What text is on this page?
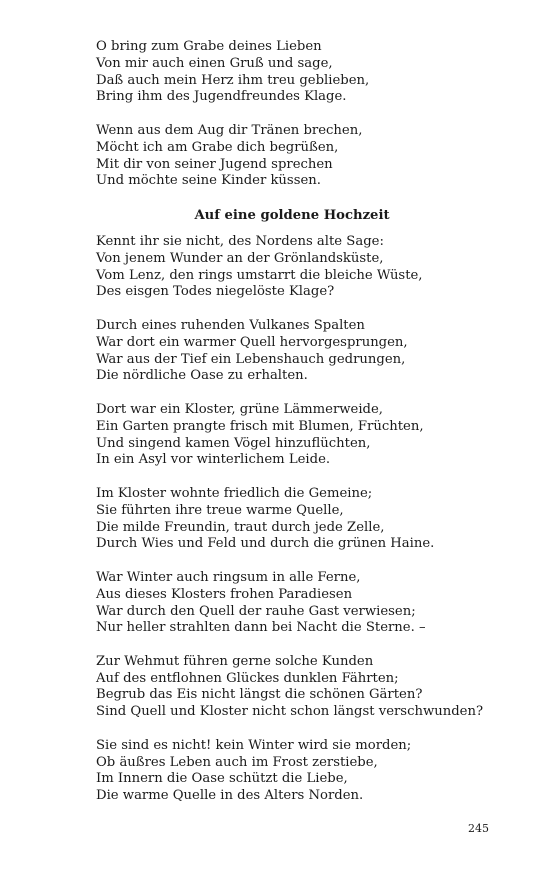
O bring zum Grabe deines Lieben
Von mir auch einen Gruß und sage,
Daß auch mein Herz ihm treu geblieben,
Bring ihm des Jugendfreundes Klage.
Wenn aus dem Aug dir Tränen brechen,
Möcht ich am Grabe dich begrüßen,
Mit dir von seiner Jugend sprechen
Und möchte seine Kinder küssen.
Auf eine goldene Hochzeit
Kennt ihr sie nicht, des Nordens alte Sage:
Von jenem Wunder an der Grönlandsküste,
Vom Lenz, den rings umstarrt die bleiche Wüste,
Des eisgen Todes niegelöste Klage?
Durch eines ruhenden Vulkanes Spalten
War dort ein warmer Quell hervorgesprungen,
War aus der Tief ein Lebenshauch gedrungen,
Die nördliche Oase zu erhalten.
Dort war ein Kloster, grüne Lämmerweide,
Ein Garten prangte frisch mit Blumen, Früchten,
Und singend kamen Vögel hinzuflüchten,
In ein Asyl vor winterlichem Leide.
Im Kloster wohnte friedlich die Gemeine;
Sie führten ihre treue warme Quelle,
Die milde Freundin, traut durch jede Zelle,
Durch Wies und Feld und durch die grünen Haine.
War Winter auch ringsum in alle Ferne,
Aus dieses Klosters frohen Paradiesen
War durch den Quell der rauhe Gast verwiesen;
Nur heller strahlten dann bei Nacht die Sterne. –
Zur Wehmut führen gerne solche Kunden
Auf des entflohnen Glückes dunklen Fährten;
Begrub das Eis nicht längst die schönen Gärten?
Sind Quell und Kloster nicht schon längst verschwunden?
Sie sind es nicht! kein Winter wird sie morden;
Ob äußres Leben auch im Frost zerstiebe,
Im Innern die Oase schützt die Liebe,
Die warme Quelle in des Alters Norden.
245
